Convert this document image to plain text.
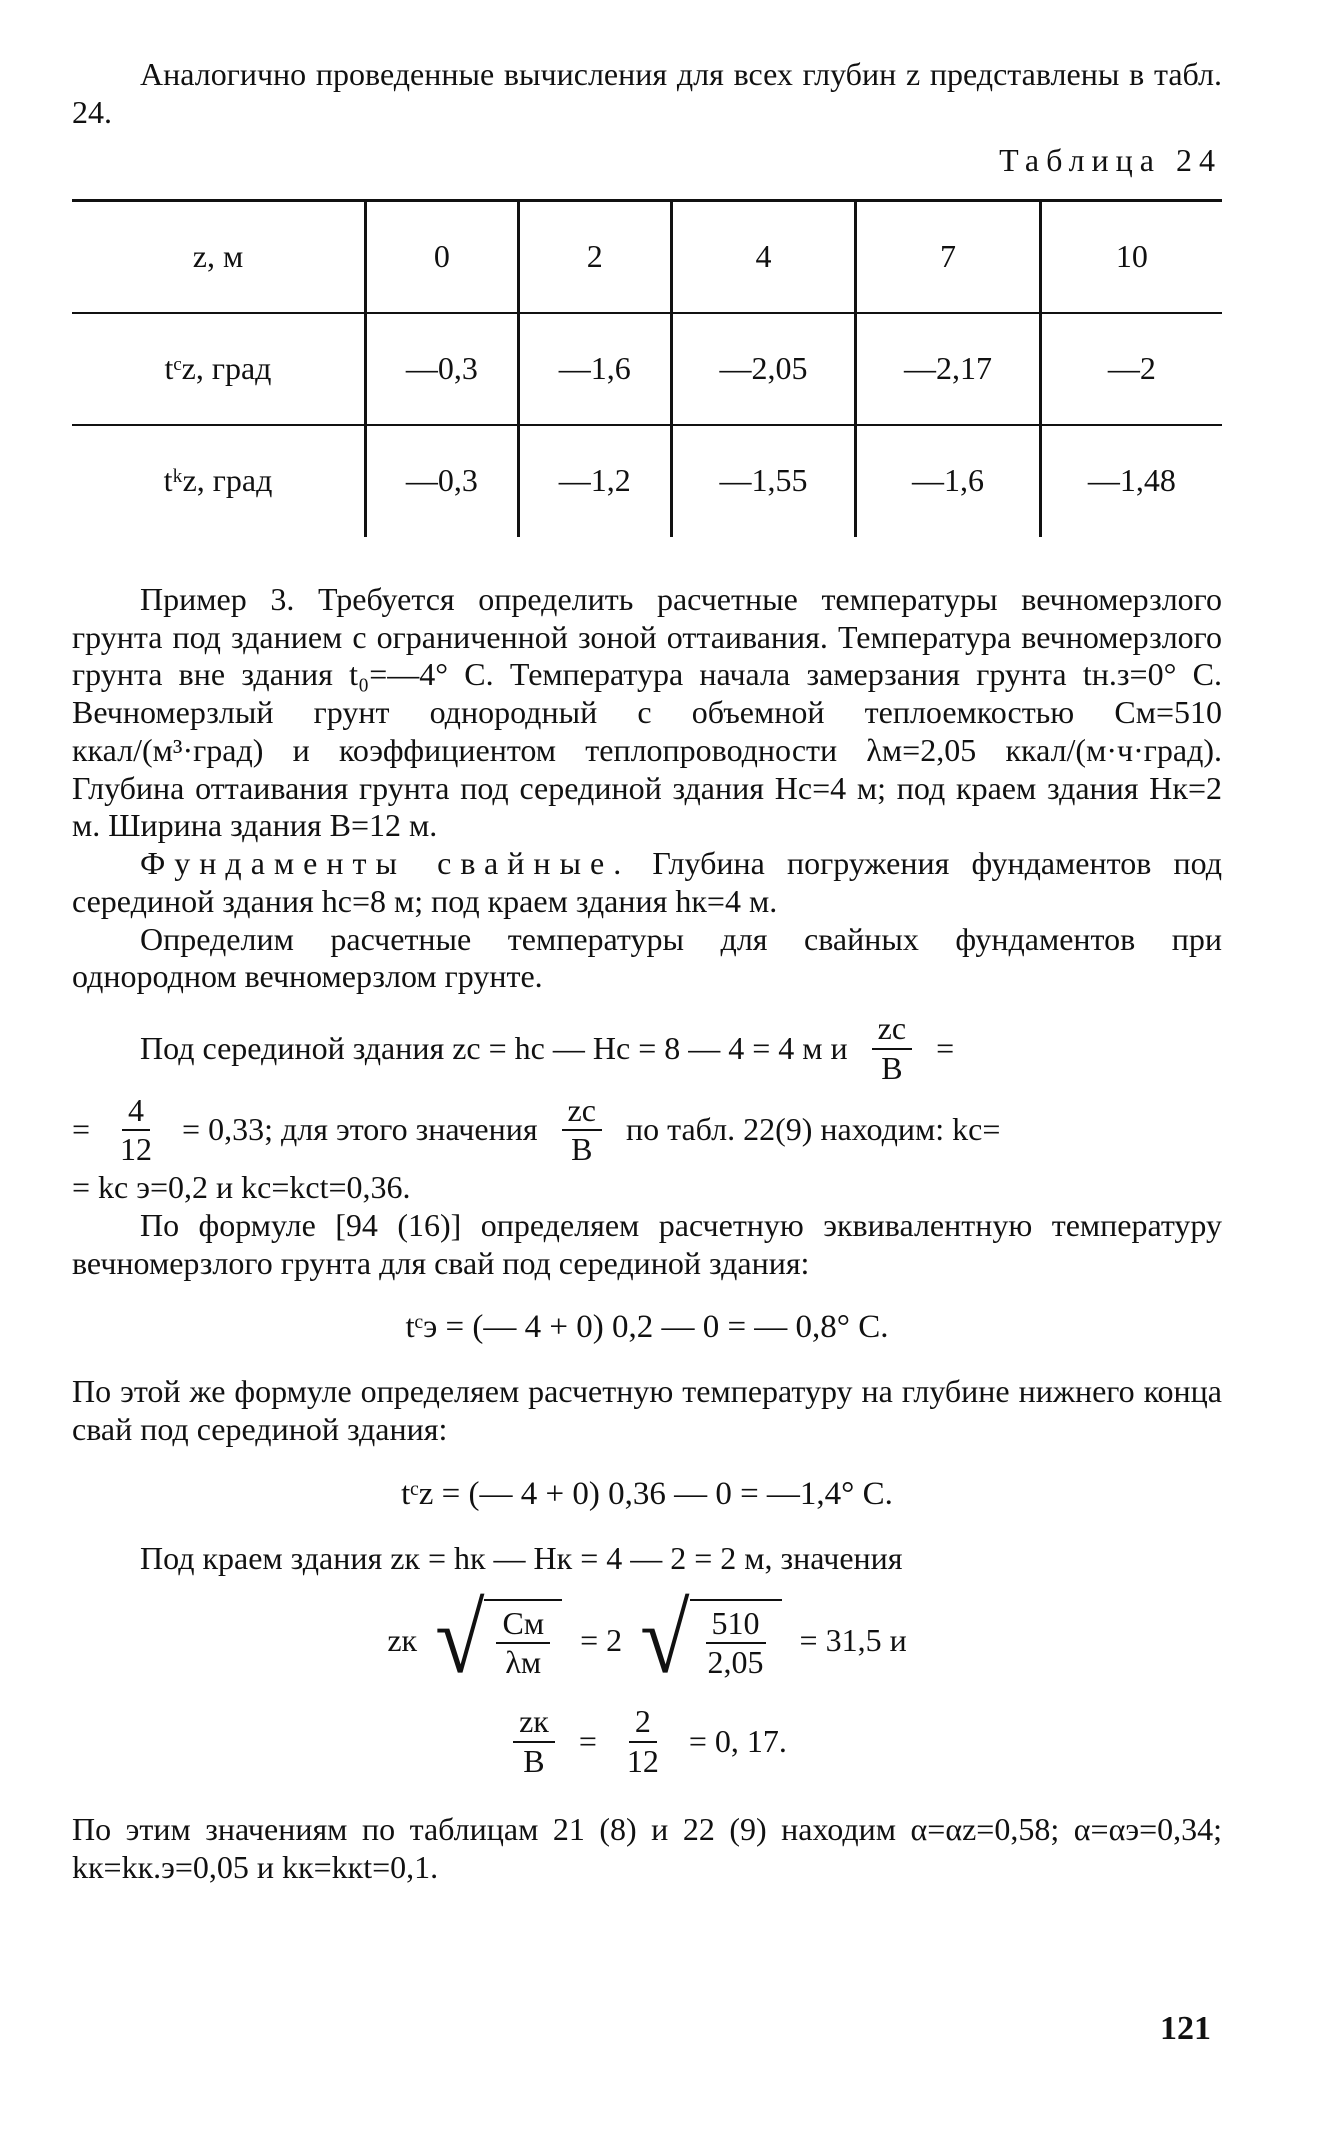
Аналогично проведенные вычисления для всех глубин z представлены в табл. 24.

Таблица 24

z, м	0	2	4	7	10
tᶜz, град	—0,3	—1,6	—2,05	—2,17	—2
tᵏz, град	—0,3	—1,2	—1,55	—1,6	—1,48

Пример 3. Требуется определить расчетные температуры вечномерзлого грунта под зданием с ограниченной зоной оттаивания. Температура вечномерзлого грунта вне здания t₀=—4° С. Температура начала замерзания грунта tн.з=0° С. Вечномерзлый грунт однородный с объемной теплоемкостью Cм=510 ккал/(м³·град) и коэффициентом теплопроводности λм=2,05 ккал/(м·ч·град). Глубина оттаивания грунта под серединой здания Hс=4 м; под краем здания Hк=2 м. Ширина здания B=12 м.

Фундаменты свайные. Глубина погружения фундаментов под серединой здания hс=8 м; под краем здания hк=4 м.

Определим расчетные температуры для свайных фундаментов при однородном вечномерзлом грунте.

Под серединой здания zс = hс — Hс = 8 — 4 = 4 м и $\frac{zс}{B}$ =
= $\frac{4}{12} = 0,33$; для этого значения $\frac{zс}{B}$ по табл. 22(9) находим: kс=

= kс э=0,2 и kс=kсt=0,36.

По формуле [94 (16)] определяем расчетную эквивалентную температуру вечномерзлого грунта для свай под серединой здания:

tᶜэ = (— 4 + 0) 0,2 — 0 = — 0,8° C.

По этой же формуле определяем расчетную температуру на глубине нижнего конца свай под серединой здания:

tᶜz = (— 4 + 0) 0,36 — 0 = —1,4° C.

Под краем здания zк = hк — Hк = 4 — 2 = 2 м, значения

zк √ $\frac{Cм}{\lambda м} = 2$ √ $\frac{510}{2,05} = 31,5$ и
$\frac{zк}{B} = \frac{2}{12} = 0$, 17.

По этим значениям по таблицам 21 (8) и 22 (9) находим α=αz=0,58; α=αэ=0,34; kк=kк.э=0,05 и kк=kкt=0,1.

121
